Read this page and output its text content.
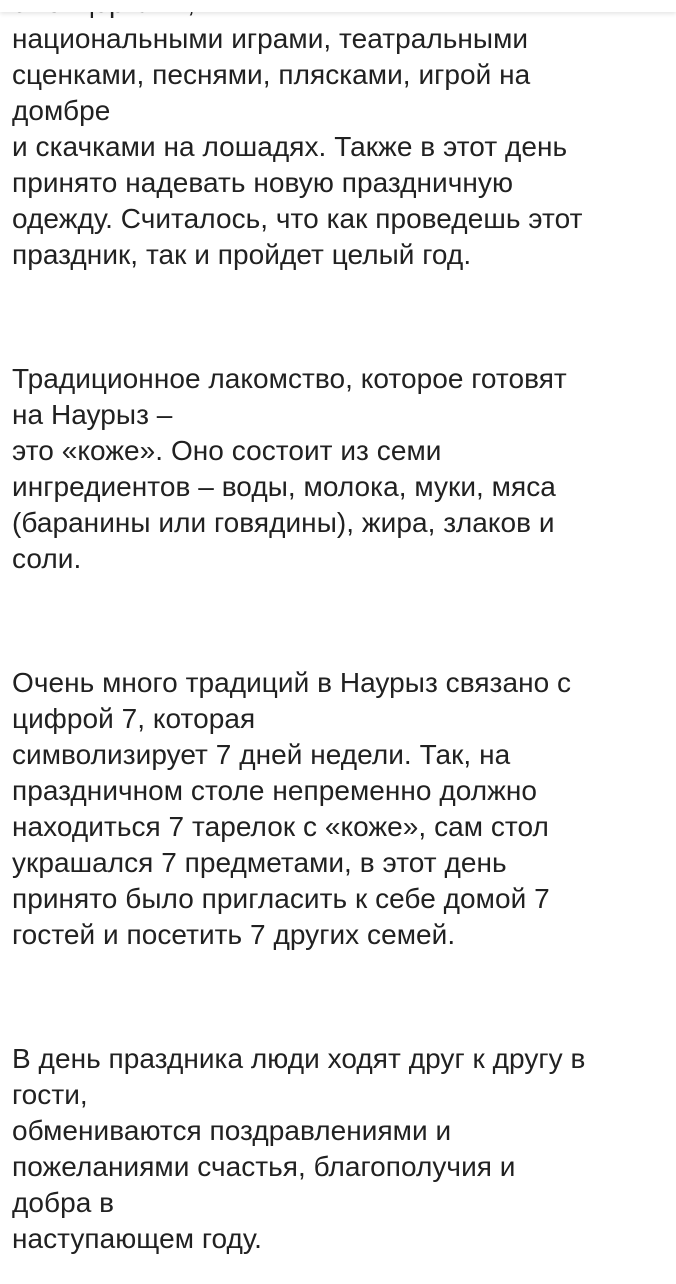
национальными играми, театральными
сценками, песнями, плясками, игрой на
домбре
и скачками на лошадях. Также в этот день
принято надевать новую праздничную
одежду. Считалось, что как проведешь этот
праздник, так и пройдет целый год.

Традиционное лакомство, которое готовят
на Наурыз –
это «коже». Оно состоит из семи
ингредиентов – воды, молока, муки, мяса
(баранины или говядины), жира, злаков и
соли.

Очень много традиций в Наурыз связано с
цифрой 7, которая
символизирует 7 дней недели. Так, на
праздничном столе непременно должно
находиться 7 тарелок с «коже», сам стол
украшался 7 предметами, в этот день
принято было пригласить к себе домой 7
гостей и посетить 7 других семей.

В день праздника люди ходят друг к другу в
гости,
обмениваются поздравлениями и
пожеланиями счастья, благополучия и
добра в
наступающем году.
